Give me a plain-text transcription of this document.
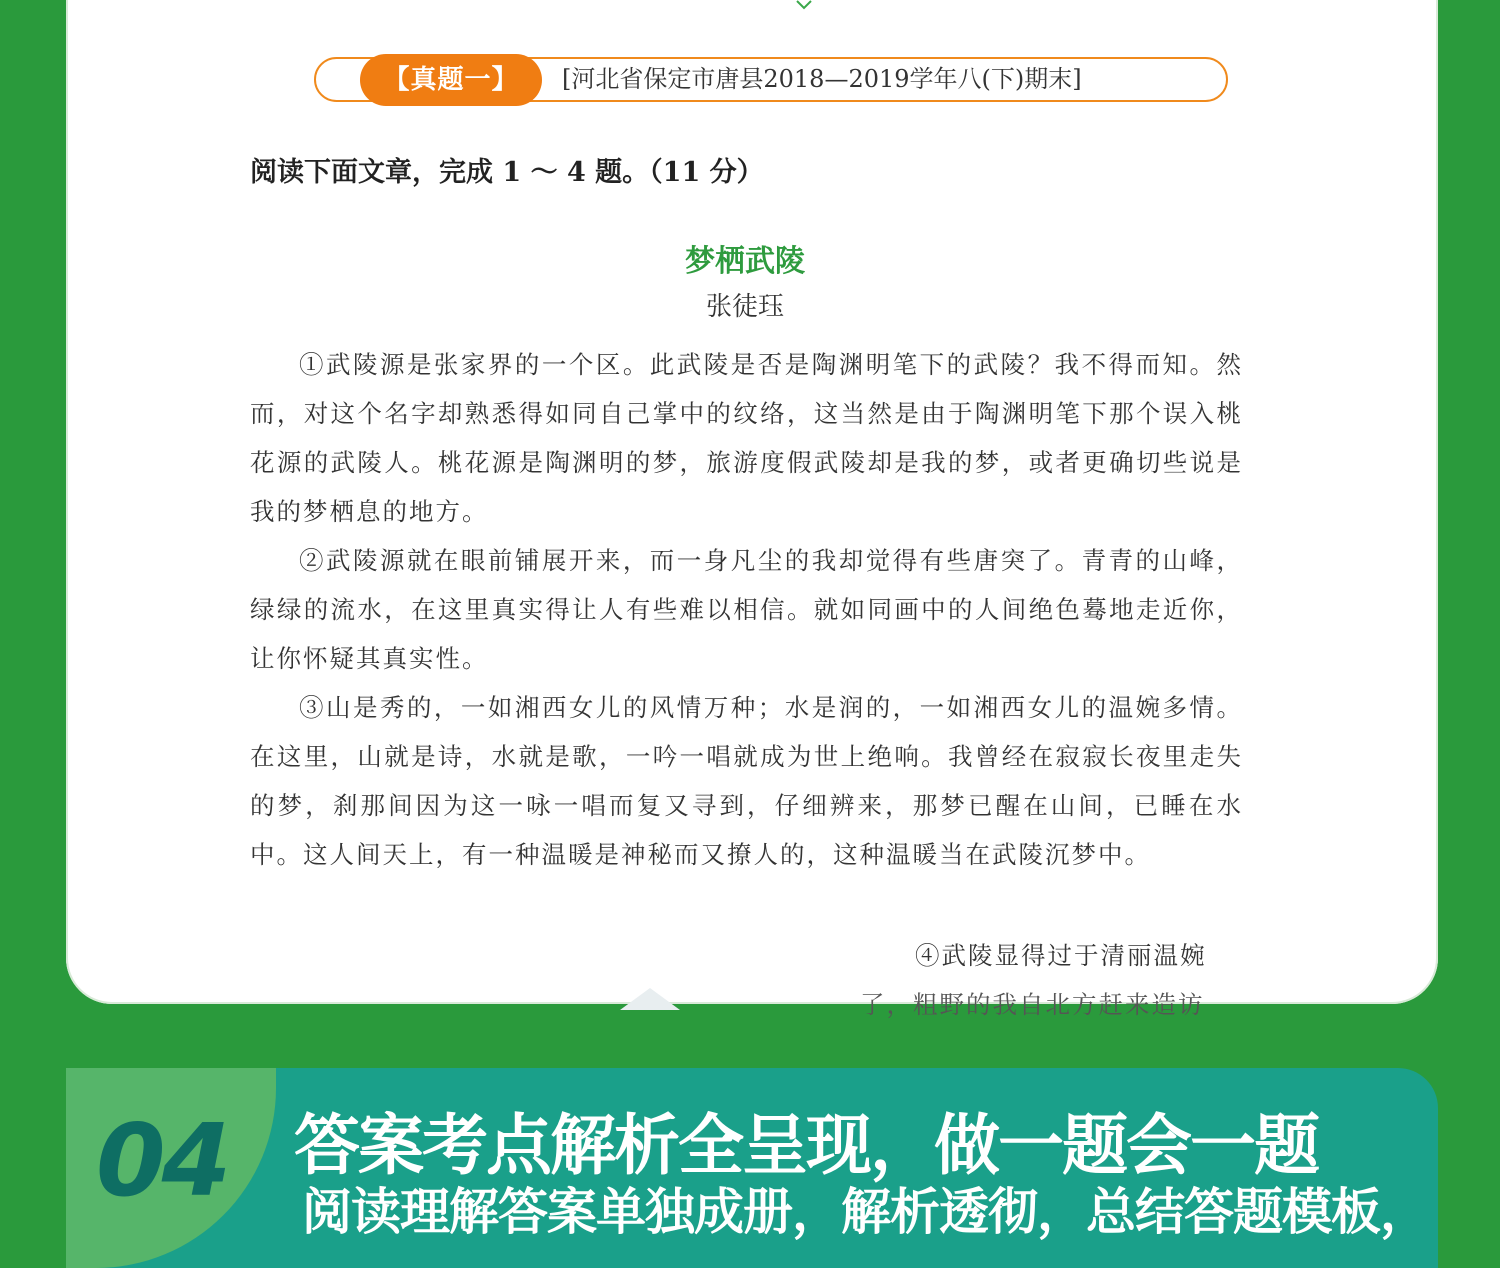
【真题一】	[河北省保定市唐县2018—2019学年八(下)期末]
阅读下面文章，完成 1 ～ 4 题。（11 分）
梦栖武陵
张徒珏

①武陵源是张家界的一个区。此武陵是否是陶渊明笔下的武陵？我不得而知。然而，对这个名字却熟悉得如同自己掌中的纹络，这当然是由于陶渊明笔下那个误入桃花源的武陵人。桃花源是陶渊明的梦，旅游度假武陵却是我的梦，或者更确切些说是我的梦栖息的地方。

②武陵源就在眼前铺展开来，而一身凡尘的我却觉得有些唐突了。青青的山峰，绿绿的流水，在这里真实得让人有些难以相信。就如同画中的人间绝色蓦地走近你，让你怀疑其真实性。

③山是秀的，一如湘西女儿的风情万种；水是润的，一如湘西女儿的温婉多情。在这里，山就是诗，水就是歌，一吟一唱就成为世上绝响。我曾经在寂寂长夜里走失的梦，刹那间因为这一咏一唱而复又寻到，仔细辨来，那梦已醒在山间，已睡在水中。这人间天上，有一种温暖是神秘而又撩人的，这种温暖当在武陵沉梦中。

④武陵显得过于清丽温婉
了，粗野的我自北方赶来造访
04 答案考点解析全呈现，做一题会一题
阅读理解答案单独成册，解析透彻，总结答题模板，
